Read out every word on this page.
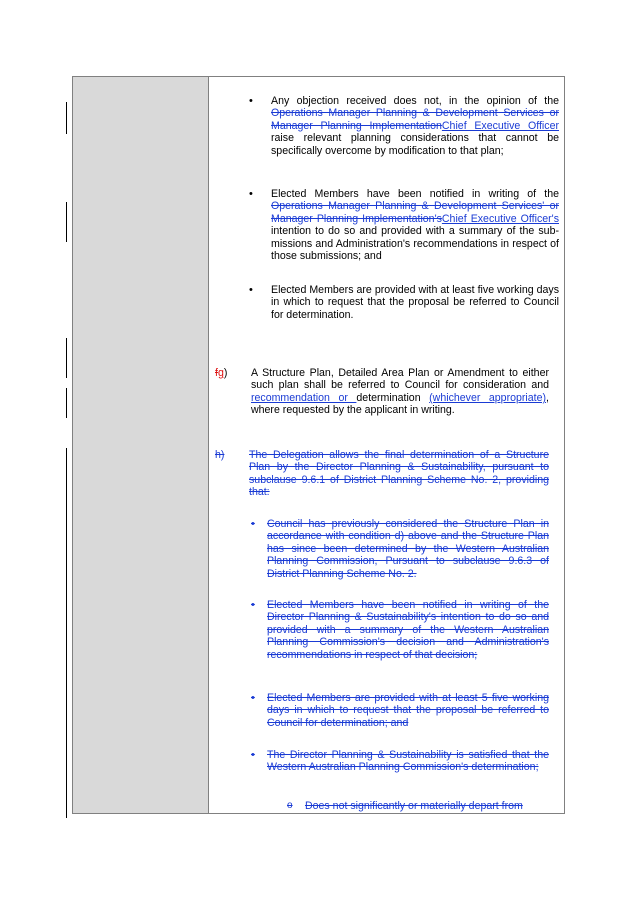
• Any objection received does not, in the opinion of the Operations Manager Planning & Development Services or Manager Planning ImplementationChief Executive Officer raise relevant planning considerations that cannot be specifically overcome by modification to that plan;

• Elected Members have been notified in writing of the Operations Manager Planning & Development Services' or Manager Planning Implementation'sChief Executive Officer's intention to do so and provided with a summary of the sub-missions and Administration's recommendations in respect of those submissions; and

• Elected Members are provided with at least five working days in which to request that the proposal be referred to Council for determination.

fg) A Structure Plan, Detailed Area Plan or Amendment to either such plan shall be referred to Council for consideration and recommendation or determination (whichever appropriate), where requested by the applicant in writing.

h) The Delegation allows the final determination of a Structure Plan by the Director Planning & Sustainability, pursuant to subclause 9.6.1 of District Planning Scheme No. 2, providing that:

• Council has previously considered the Structure Plan in accordance with condition d) above and the Structure Plan has since been determined by the Western Australian Planning Commission, Pursuant to subclause 9.6.3 of District Planning Scheme No. 2.

• Elected Members have been notified in writing of the Director Planning & Sustainability's intention to do so and provided with a summary of the Western Australian Planning Commission's decision and Administration's recommendations in respect of that decision;

• Elected Members are provided with at least 5 five working days in which to request that the proposal be referred to Council for determination; and

• The Director Planning & Sustainability is satisfied that the Western Australian Planning Commission's determination;

o Does not significantly or materially depart from
